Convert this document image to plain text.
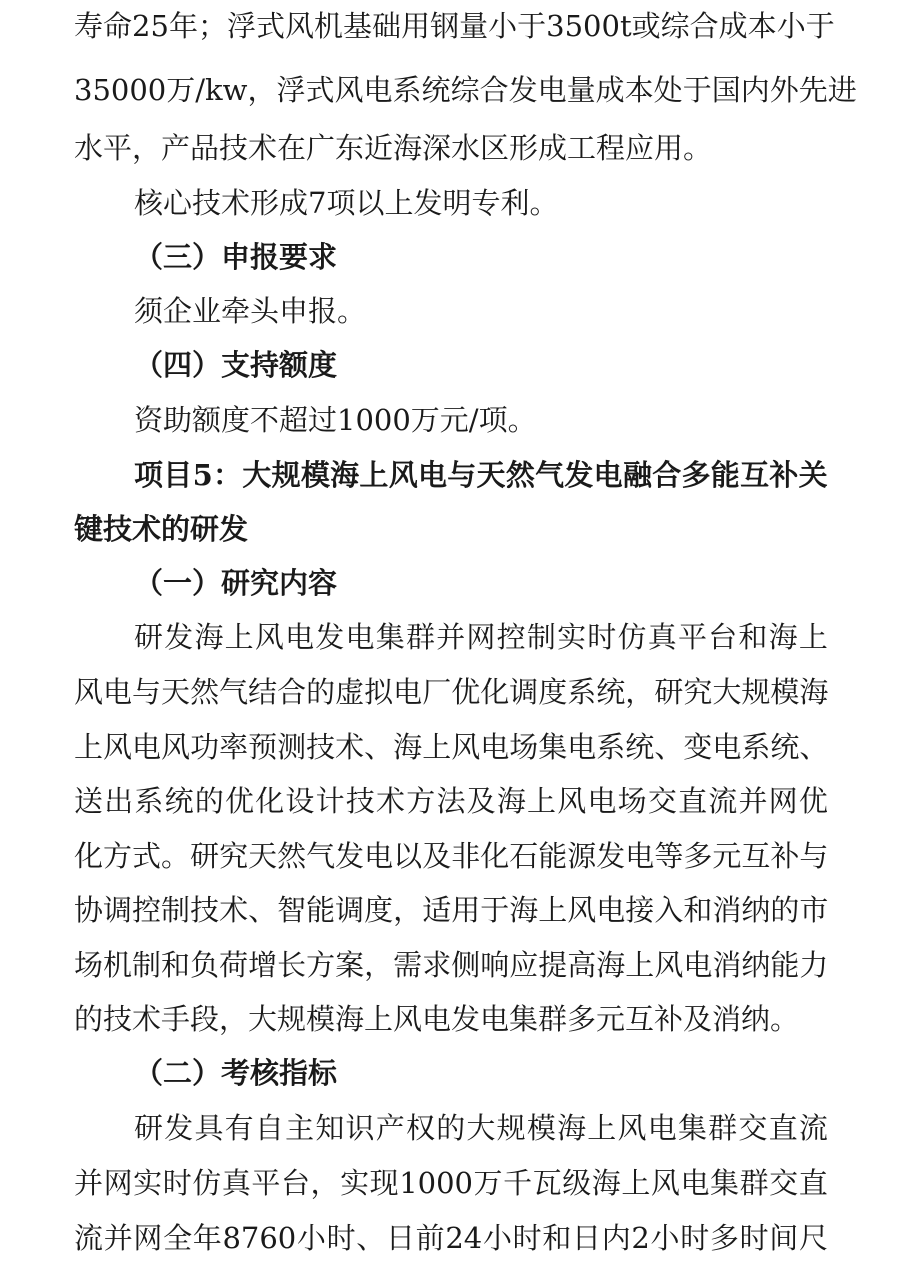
寿 命 25 年 ； 浮 式 风 机 基 础 用 钢 量 小 于 3500t 或 综 合 成 本 小 于
35000 万 /kw ， 浮 式 风 电 系 统 综 合 发 电 量 成 本 处 于 国 内 外 先 进
水平，产品技术在广东近海深水区形成工程应用。
核心技术形成7项以上发明专利。
（三）申报要求
须企业牵头申报。
（四）支持额度
资助额度不超过1000万元/项。
项 目 5 ： 大 规 模 海 上 风 电 与 天 然 气 发 电 融 合 多 能 互 补 关
键技术的研发
（一）研究内容
研 发 海 上 风 电 发 电 集 群 并 网 控 制 实 时 仿 真 平 台 和 海 上
风 电 与 天 然 气 结 合 的 虚 拟 电 厂 优 化 调 度 系 统 ， 研 究 大 规 模 海
上 风 电 风 功 率 预 测 技 术 、 海 上 风 电 场 集 电 系 统 、 变 电 系 统 、
送 出 系 统 的 优 化 设 计 技 术 方 法 及 海 上 风 电 场 交 直 流 并 网 优
化 方 式 。 研 究 天 然 气 发 电 以 及 非 化 石 能 源 发 电 等 多 元 互 补 与
协 调 控 制 技 术 、 智 能 调 度 ， 适 用 于 海 上 风 电 接 入 和 消 纳 的 市
场 机 制 和 负 荷 增 长 方 案 ， 需 求 侧 响 应 提 高 海 上 风 电 消 纳 能 力
的技术手段，大规模海上风电发电集群多元互补及消纳。
（二）考核指标
研 发 具 有 自 主 知 识 产 权 的 大 规 模 海 上 风 电 集 群 交 直 流
并 网 实 时 仿 真 平 台 ， 实 现 1000 万 千 瓦 级 海 上 风 电 集 群 交 直
流 并 网 全 年 8760 小 时 、 日 前 24 小 时 和 日 内 2 小 时 多 时 间 尺
